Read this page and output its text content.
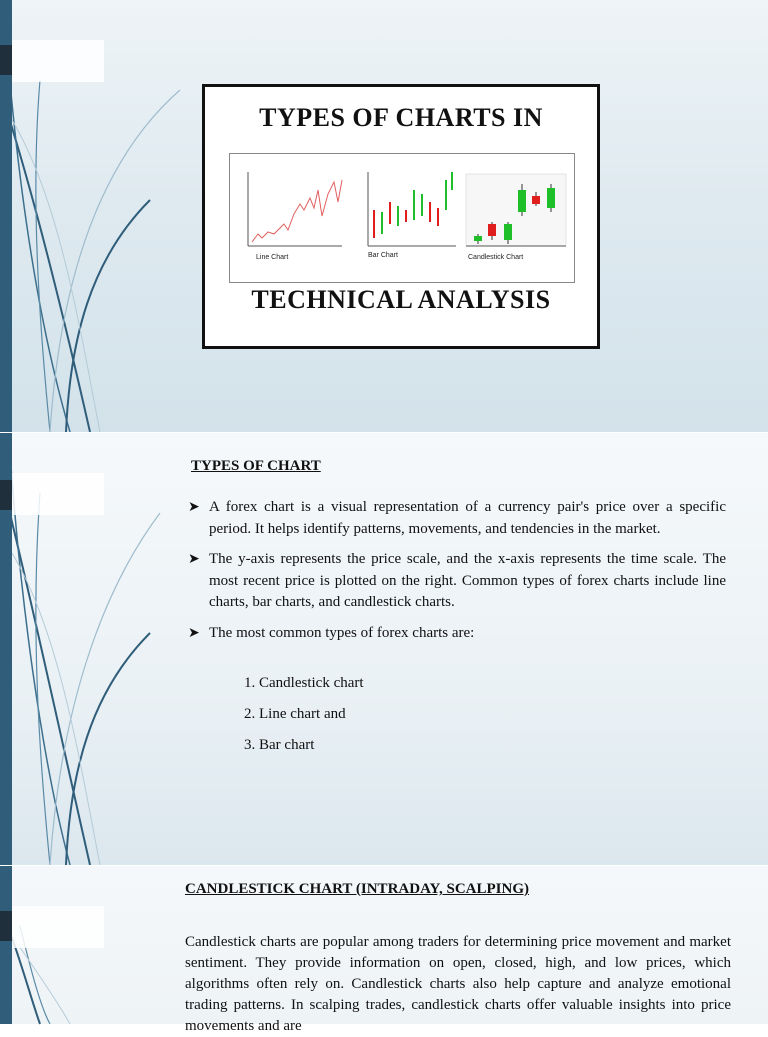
TYPES OF CHARTS IN
Line Chart	Bar Chart	Candlestick Chart
TECHNICAL ANALYSIS
TYPES OF CHART
➤ A forex chart is a visual representation of a currency pair's price over a specific period. It helps identify patterns, movements, and tendencies in the market.
➤ The y-axis represents the price scale, and the x-axis represents the time scale. The most recent price is plotted on the right. Common types of forex charts include line charts, bar charts, and candlestick charts.
➤ The most common types of forex charts are:
1. Candlestick chart
2. Line chart and
3. Bar chart
CANDLESTICK CHART (INTRADAY, SCALPING)
Candlestick charts are popular among traders for determining price movement and market sentiment. They provide information on open, closed, high, and low prices, which algorithms often rely on. Candlestick charts also help capture and analyze emotional trading patterns. In scalping trades, candlestick charts offer valuable insights into price movements and are
